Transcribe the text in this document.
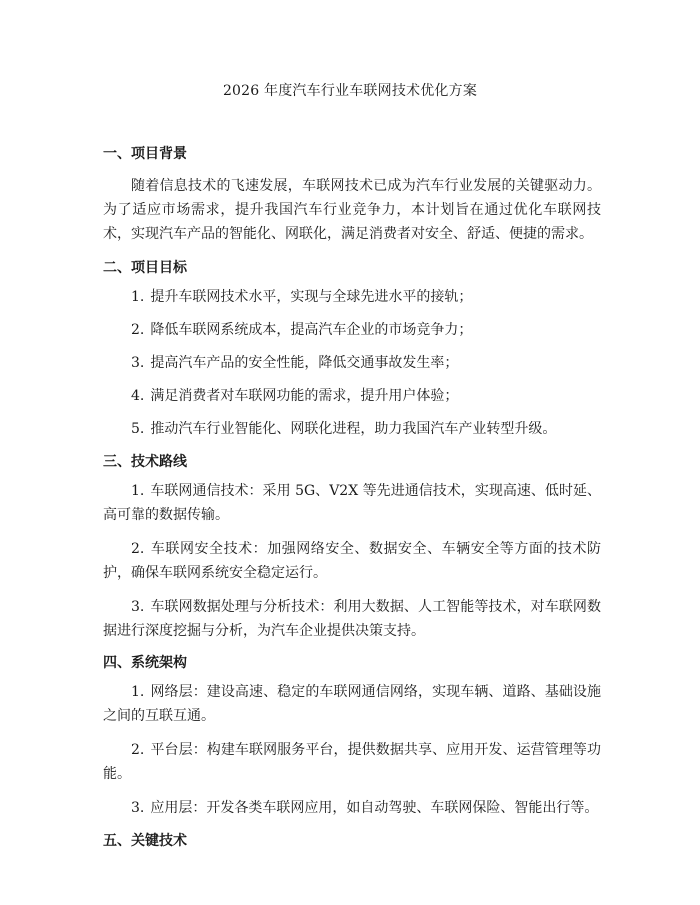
2026 年度汽车行业车联网技术优化方案
一、项目背景

随着信息技术的飞速发展，车联网技术已成为汽车行业发展的关键驱动力。为了适应市场需求，提升我国汽车行业竞争力，本计划旨在通过优化车联网技术，实现汽车产品的智能化、网联化，满足消费者对安全、舒适、便捷的需求。

二、项目目标
1. 提升车联网技术水平，实现与全球先进水平的接轨；
2. 降低车联网系统成本，提高汽车企业的市场竞争力；
3. 提高汽车产品的安全性能，降低交通事故发生率；
4. 满足消费者对车联网功能的需求，提升用户体验；
5. 推动汽车行业智能化、网联化进程，助力我国汽车产业转型升级。
三、技术路线
1. 车联网通信技术：采用 5G、V2X 等先进通信技术，实现高速、低时延、高可靠的数据传输。
2. 车联网安全技术：加强网络安全、数据安全、车辆安全等方面的技术防护，确保车联网系统安全稳定运行。
3. 车联网数据处理与分析技术：利用大数据、人工智能等技术，对车联网数据进行深度挖掘与分析，为汽车企业提供决策支持。
四、系统架构
1. 网络层：建设高速、稳定的车联网通信网络，实现车辆、道路、基础设施之间的互联互通。
2. 平台层：构建车联网服务平台，提供数据共享、应用开发、运营管理等功能。
3. 应用层：开发各类车联网应用，如自动驾驶、车联网保险、智能出行等。
五、关键技术
